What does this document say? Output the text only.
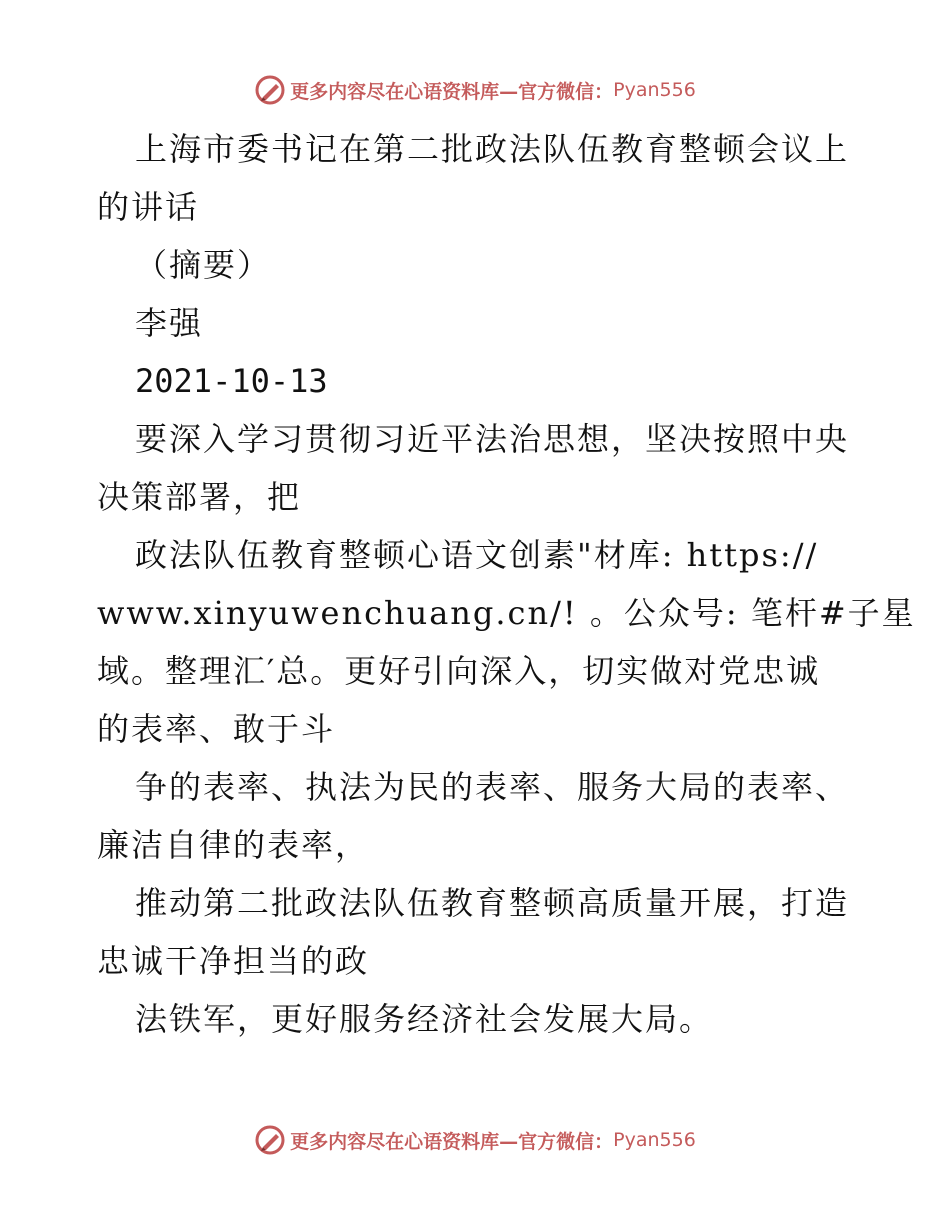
更多内容尽在心语资料库—官方微信： Pyan556
上海市委书记在第二批政法队伍教育整顿会议上
的讲话
（摘要）
李强
2021-10-13
要深入学习贯彻习近平法治思想，坚决按照中央
决策部署，把
政法队伍教育整顿心语文创素"材库: https://
www.xinyuwenchuang.cn/! 。公众号: 笔杆#子星
域。整理汇′总。更好引向深入，切实做对党忠诚
的表率、敢于斗
争的表率、执法为民的表率、服务大局的表率、
廉洁自律的表率，
推动第二批政法队伍教育整顿高质量开展，打造
忠诚干净担当的政
法铁军，更好服务经济社会发展大局。
更多内容尽在心语资料库—官方微信： Pyan556
